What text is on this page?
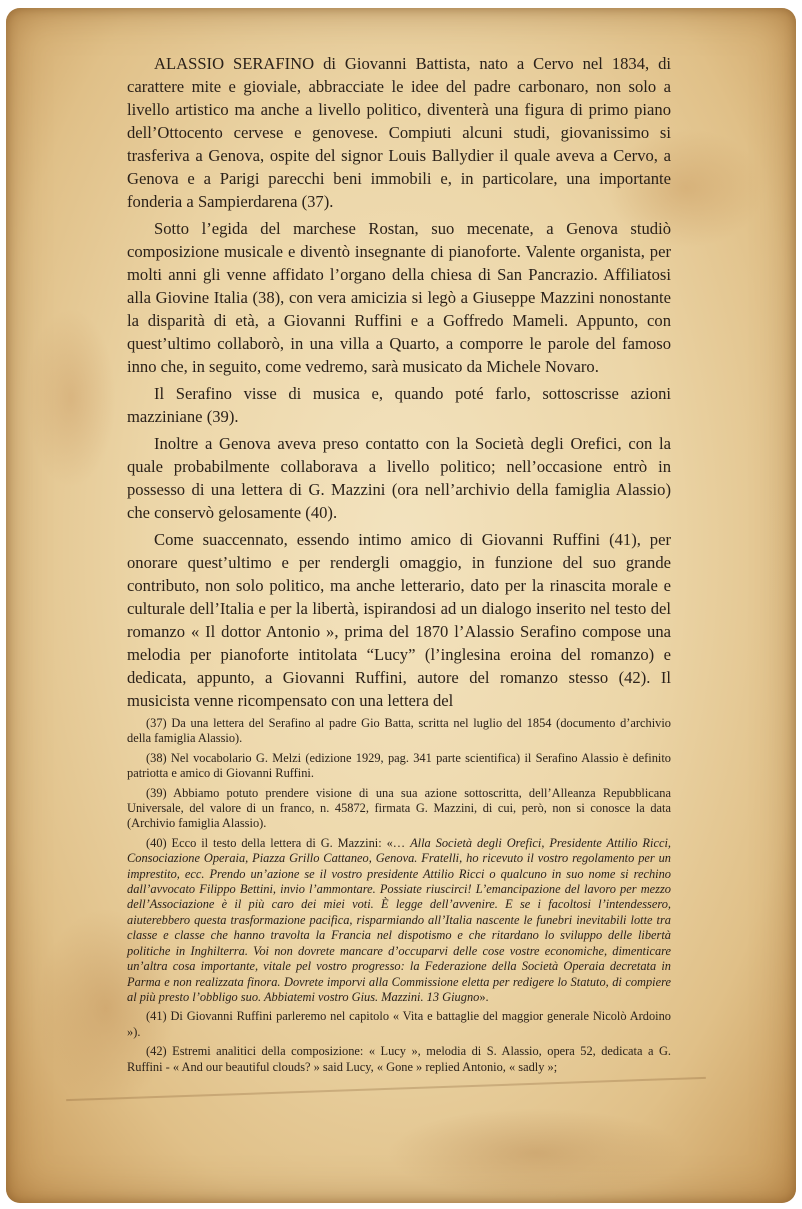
ALASSIO SERAFINO di Giovanni Battista, nato a Cervo nel 1834, di carattere mite e gioviale, abbracciate le idee del padre carbonaro, non solo a livello artistico ma anche a livello politico, diventerà una figura di primo piano dell’Ottocento cervese e genovese. Compiuti alcuni studi, giovanissimo si trasferiva a Genova, ospite del signor Louis Ballydier il quale aveva a Cervo, a Genova e a Parigi parecchi beni immobili e, in particolare, una importante fonderia a Sampierdarena (37).

Sotto l’egida del marchese Rostan, suo mecenate, a Genova studiò composizione musicale e diventò insegnante di pianoforte. Valente organista, per molti anni gli venne affidato l’organo della chiesa di San Pancrazio. Affiliatosi alla Giovine Italia (38), con vera amicizia si legò a Giuseppe Mazzini nonostante la disparità di età, a Giovanni Ruffini e a Goffredo Mameli. Appunto, con quest’ultimo collaborò, in una villa a Quarto, a comporre le parole del famoso inno che, in seguito, come vedremo, sarà musicato da Michele Novaro.

Il Serafino visse di musica e, quando poté farlo, sottoscrisse azioni mazziniane (39).

Inoltre a Genova aveva preso contatto con la Società degli Orefici, con la quale probabilmente collaborava a livello politico; nell’occasione entrò in possesso di una lettera di G. Mazzini (ora nell’archivio della famiglia Alassio) che conservò gelosamente (40).

Come suaccennato, essendo intimo amico di Giovanni Ruffini (41), per onorare quest’ultimo e per rendergli omaggio, in funzione del suo grande contributo, non solo politico, ma anche letterario, dato per la rinascita morale e culturale dell’Italia e per la libertà, ispirandosi ad un dialogo inserito nel testo del romanzo « Il dottor Antonio », prima del 1870 l’Alassio Serafino compose una melodia per pianoforte intitolata “Lucy” (l’inglesina eroina del romanzo) e dedicata, appunto, a Giovanni Ruffini, autore del romanzo stesso (42). Il musicista venne ricompensato con una lettera del

(37) Da una lettera del Serafino al padre Gio Batta, scritta nel luglio del 1854 (documento d’archivio della famiglia Alassio).

(38) Nel vocabolario G. Melzi (edizione 1929, pag. 341 parte scientifica) il Serafino Alassio è definito patriotta e amico di Giovanni Ruffini.

(39) Abbiamo potuto prendere visione di una sua azione sottoscritta, dell’Alleanza Repubblicana Universale, del valore di un franco, n. 45872, firmata G. Mazzini, di cui, però, non si conosce la data (Archivio famiglia Alassio).

(40) Ecco il testo della lettera di G. Mazzini: «… Alla Società degli Orefici, Presidente Attilio Ricci, Consociazione Operaia, Piazza Grillo Cattaneo, Genova. Fratelli, ho ricevuto il vostro regolamento per un imprestito, ecc. Prendo un’azione se il vostro presidente Attilio Ricci o qualcuno in suo nome si rechino dall’avvocato Filippo Bettini, invio l’ammontare. Possiate riuscirci! L’emancipazione del lavoro per mezzo dell’Associazione è il più caro dei miei voti. È legge dell’avvenire. E se i facoltosi l’intendessero, aiuterebbero questa trasformazione pacifica, risparmiando all’Italia nascente le funebri inevitabili lotte tra classe e classe che hanno travolta la Francia nel dispotismo e che ritardano lo sviluppo delle libertà politiche in Inghilterra. Voi non dovrete mancare d’occuparvi delle cose vostre economiche, dimenticare un’altra cosa importante, vitale pel vostro progresso: la Federazione della Società Operaia decretata in Parma e non realizzata finora. Dovrete imporvi alla Commissione eletta per redigere lo Statuto, di compiere al più presto l’obbligo suo. Abbiatemi vostro Gius. Mazzini. 13 Giugno».

(41) Di Giovanni Ruffini parleremo nel capitolo « Vita e battaglie del maggior generale Nicolò Ardoino »).

(42) Estremi analitici della composizione: « Lucy », melodia di S. Alassio, opera 52, dedicata a G. Ruffini - « And our beautiful clouds? » said Lucy, « Gone » replied Antonio, « sadly »;
